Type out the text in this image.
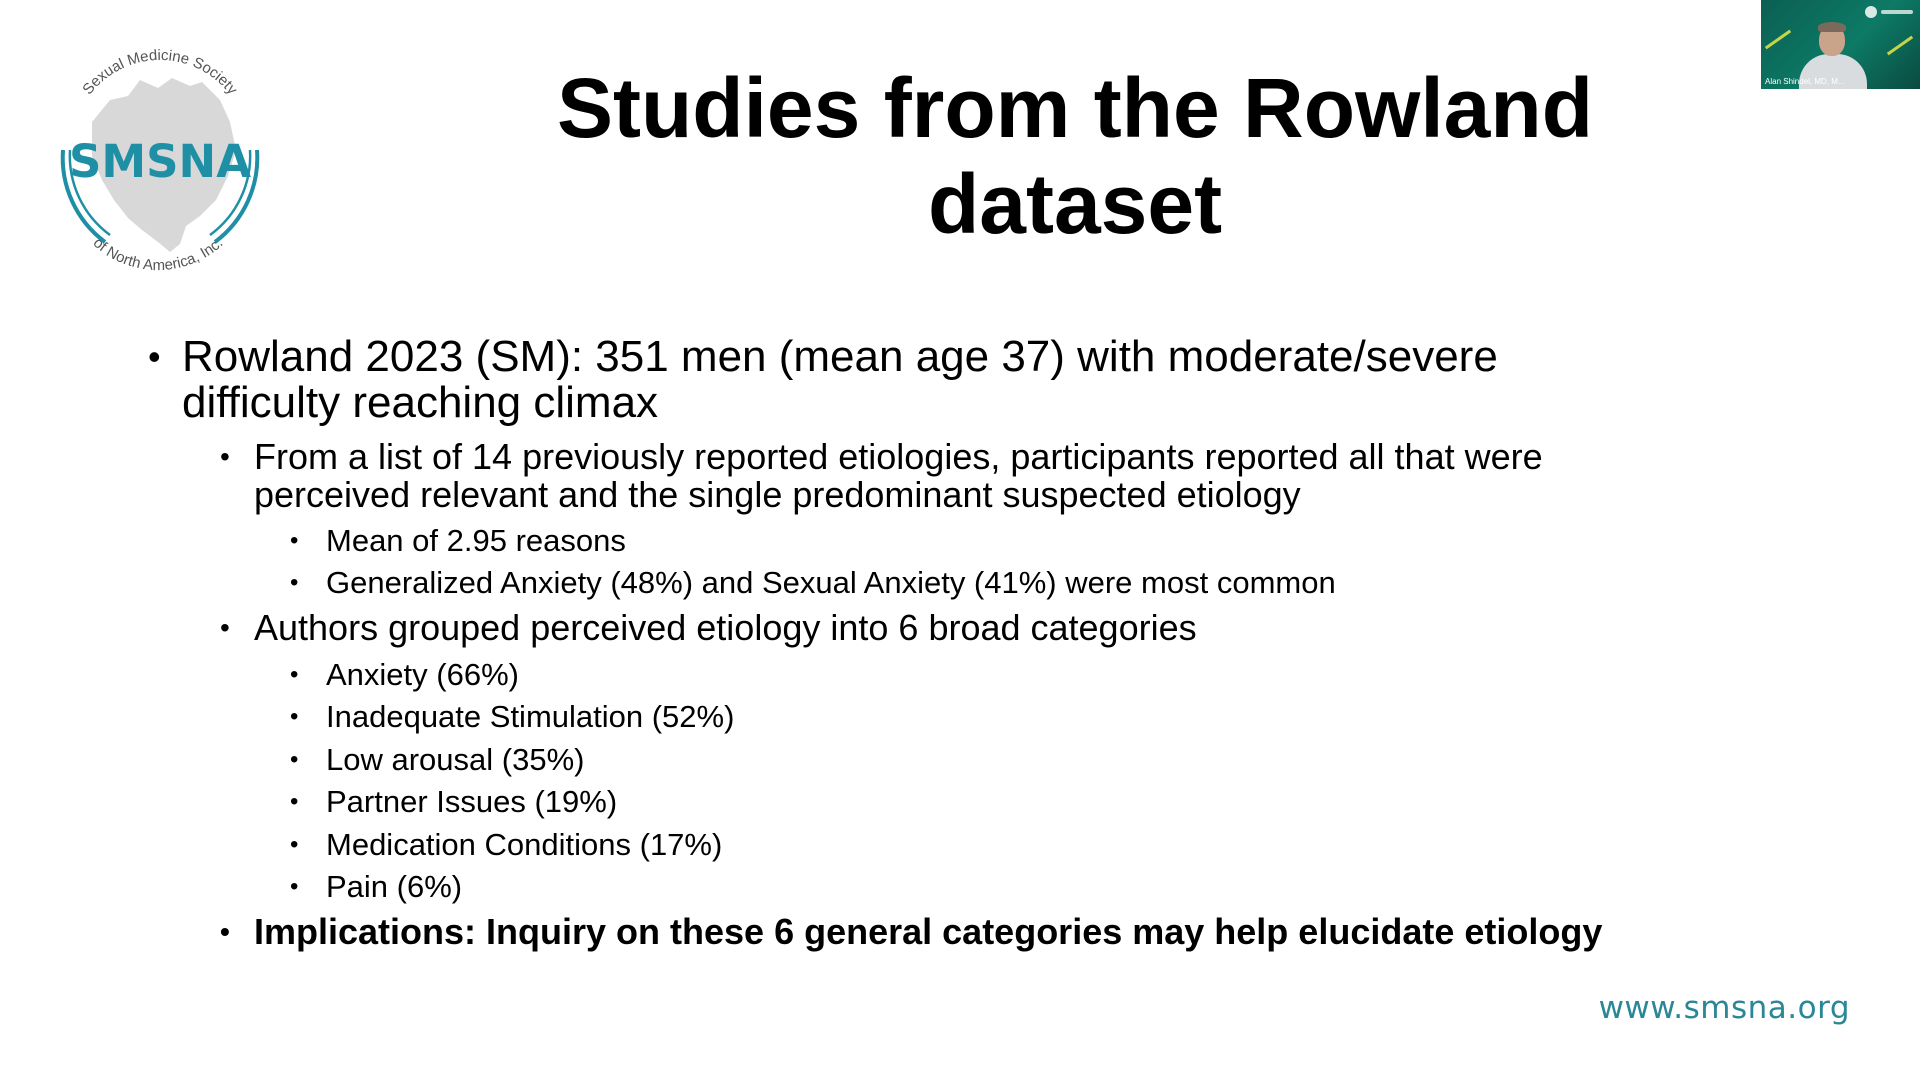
Sexual Medicine Society
of North America, Inc.
SMSNA
Studies from the Rowland
dataset
Alan Shindel, MD, M...
• Rowland 2023 (SM): 351 men (mean age 37) with moderate/severe
difficulty reaching climax
• From a list of 14 previously reported etiologies, participants reported all that were
perceived relevant and the single predominant suspected etiology
• Mean of 2.95 reasons
• Generalized Anxiety (48%) and Sexual Anxiety (41%) were most common
• Authors grouped perceived etiology into 6 broad categories
• Anxiety (66%)
• Inadequate Stimulation (52%)
• Low arousal (35%)
• Partner Issues (19%)
• Medication Conditions (17%)
• Pain (6%)
• Implications: Inquiry on these 6 general categories may help elucidate etiology
www.smsna.org
